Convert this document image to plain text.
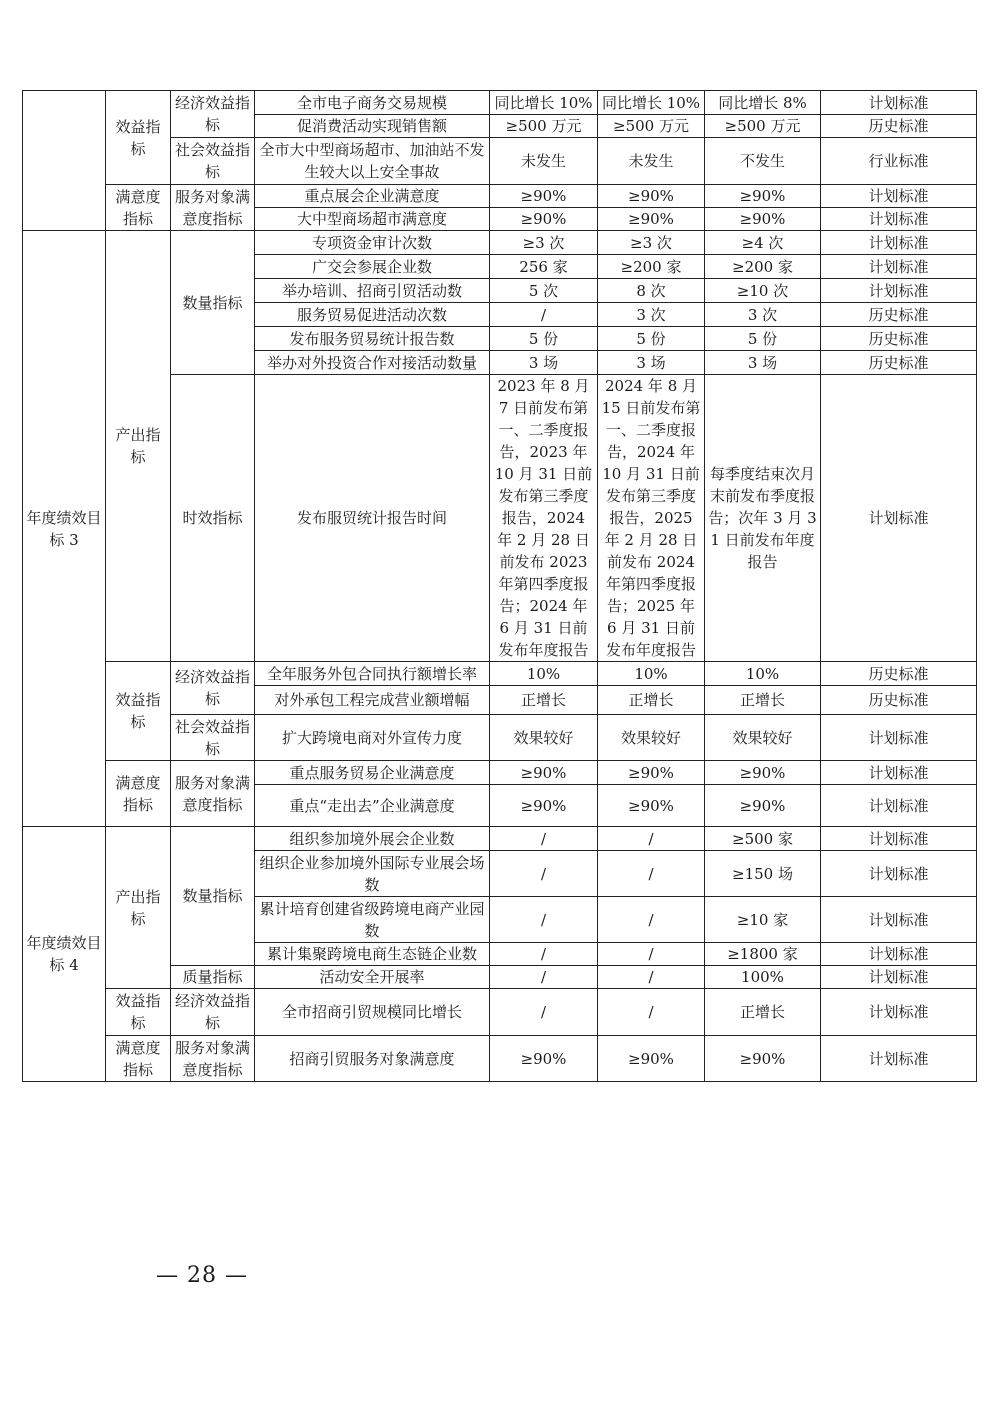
	效益指标	经济效益指标	全市电子商务交易规模	同比增长 10%	同比增长 10%	同比增长 8%	计划标准
			促消费活动实现销售额	≥500 万元	≥500 万元	≥500 万元	历史标准
		社会效益指标	全市大中型商场超市、加油站不发生较大以上安全事故	未发生	未发生	不发生	行业标准
	满意度指标	服务对象满意度指标	重点展会企业满意度	≥90%	≥90%	≥90%	计划标准
			大中型商场超市满意度	≥90%	≥90%	≥90%	计划标准
年度绩效目标 3	产出指标	数量指标	专项资金审计次数	≥3 次	≥3 次	≥4 次	计划标准
			广交会参展企业数	256 家	≥200 家	≥200 家	计划标准
			举办培训、招商引贸活动数	5 次	8 次	≥10 次	计划标准
			服务贸易促进活动次数	/	3 次	3 次	历史标准
			发布服务贸易统计报告数	5 份	5 份	5 份	历史标准
			举办对外投资合作对接活动数量	3 场	3 场	3 场	历史标准
		时效指标	发布服贸统计报告时间	2023 年 8 月 7 日前发布第一、二季度报告，2023 年 10 月 31 日前发布第三季度报告，2024 年 2 月 28 日前发布 2023 年第四季度报告；2024 年 6 月 31 日前发布年度报告	2024 年 8 月 15 日前发布第一、二季度报告，2024 年 10 月 31 日前发布第三季度报告，2025 年 2 月 28 日前发布 2024 年第四季度报告；2025 年 6 月 31 日前发布年度报告	每季度结束次月末前发布季度报告；次年 3 月 31 日前发布年度报告	计划标准
	效益指标	经济效益指标	全年服务外包合同执行额增长率	10%	10%	10%	历史标准
			对外承包工程完成营业额增幅	正增长	正增长	正增长	历史标准
		社会效益指标	扩大跨境电商对外宣传力度	效果较好	效果较好	效果较好	计划标准
	满意度指标	服务对象满意度指标	重点服务贸易企业满意度	≥90%	≥90%	≥90%	计划标准
			重点“走出去”企业满意度	≥90%	≥90%	≥90%	计划标准
年度绩效目标 4	产出指标	数量指标	组织参加境外展会企业数	/	/	≥500 家	计划标准
			组织企业参加境外国际专业展会场数	/	/	≥150 场	计划标准
			累计培育创建省级跨境电商产业园数	/	/	≥10 家	计划标准
			累计集聚跨境电商生态链企业数	/	/	≥1800 家	计划标准
		质量指标	活动安全开展率	/	/	100%	计划标准
	效益指标	经济效益指标	全市招商引贸规模同比增长	/	/	正增长	计划标准
	满意度指标	服务对象满意度指标	招商引贸服务对象满意度	≥90%	≥90%	≥90%	计划标准
— 28 —
